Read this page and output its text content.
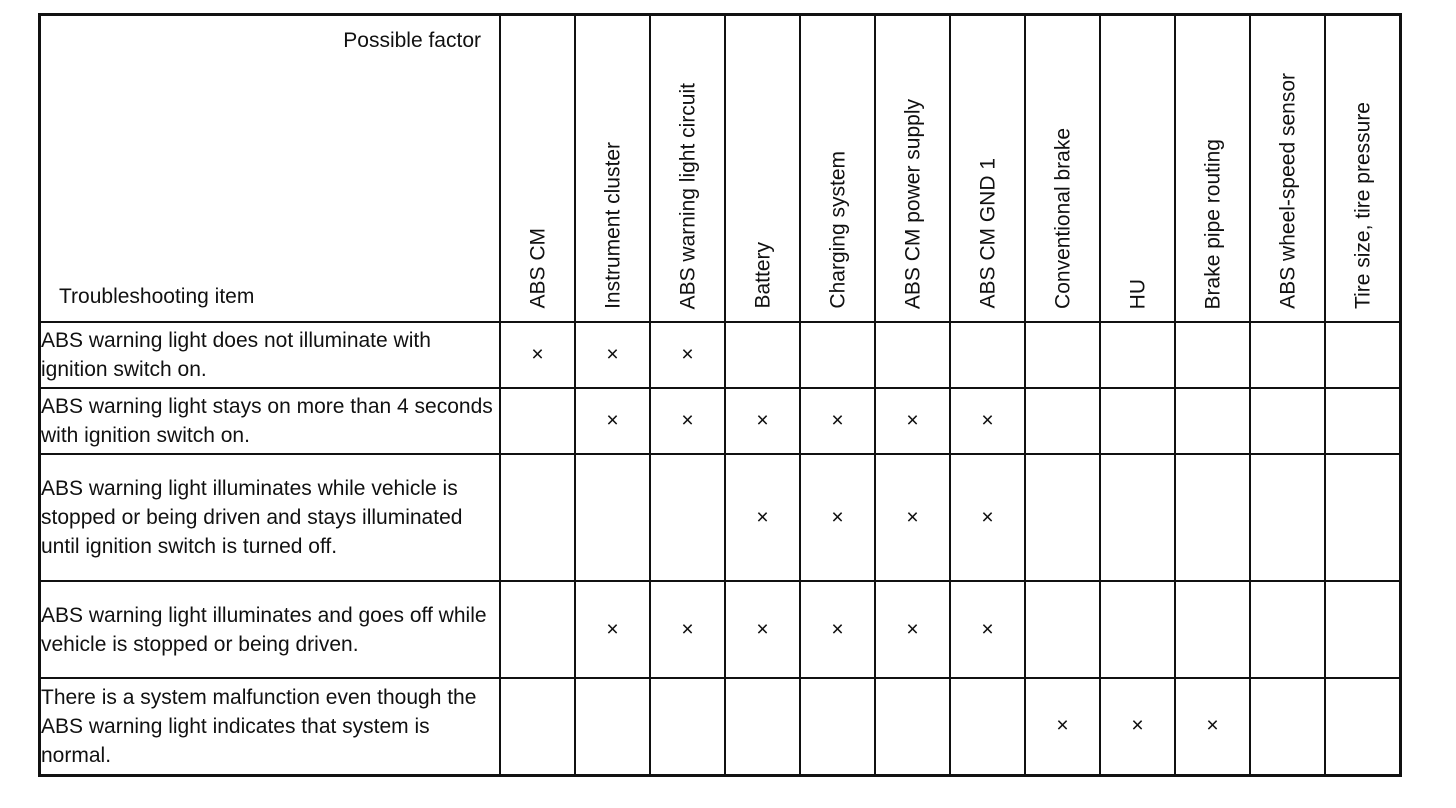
Possible factor
Troubleshooting item	ABS CM	Instrument cluster	ABS warning light circuit	Battery	Charging system	ABS CM power supply	ABS CM GND 1	Conventional brake	HU	Brake pipe routing	ABS wheel-speed sensor	Tire size, tire pressure

ABS warning light does not illuminate with ignition switch on.	×	×	×									
ABS warning light stays on more than 4 seconds with ignition switch on.		×	×	×	×	×	×					
ABS warning light illuminates while vehicle is stopped or being driven and stays illuminated until ignition switch is turned off.				×	×	×	×					
ABS warning light illuminates and goes off while vehicle is stopped or being driven.		×	×	×	×	×	×					
There is a system malfunction even though the ABS warning light indicates that system is normal.								×	×	×		
